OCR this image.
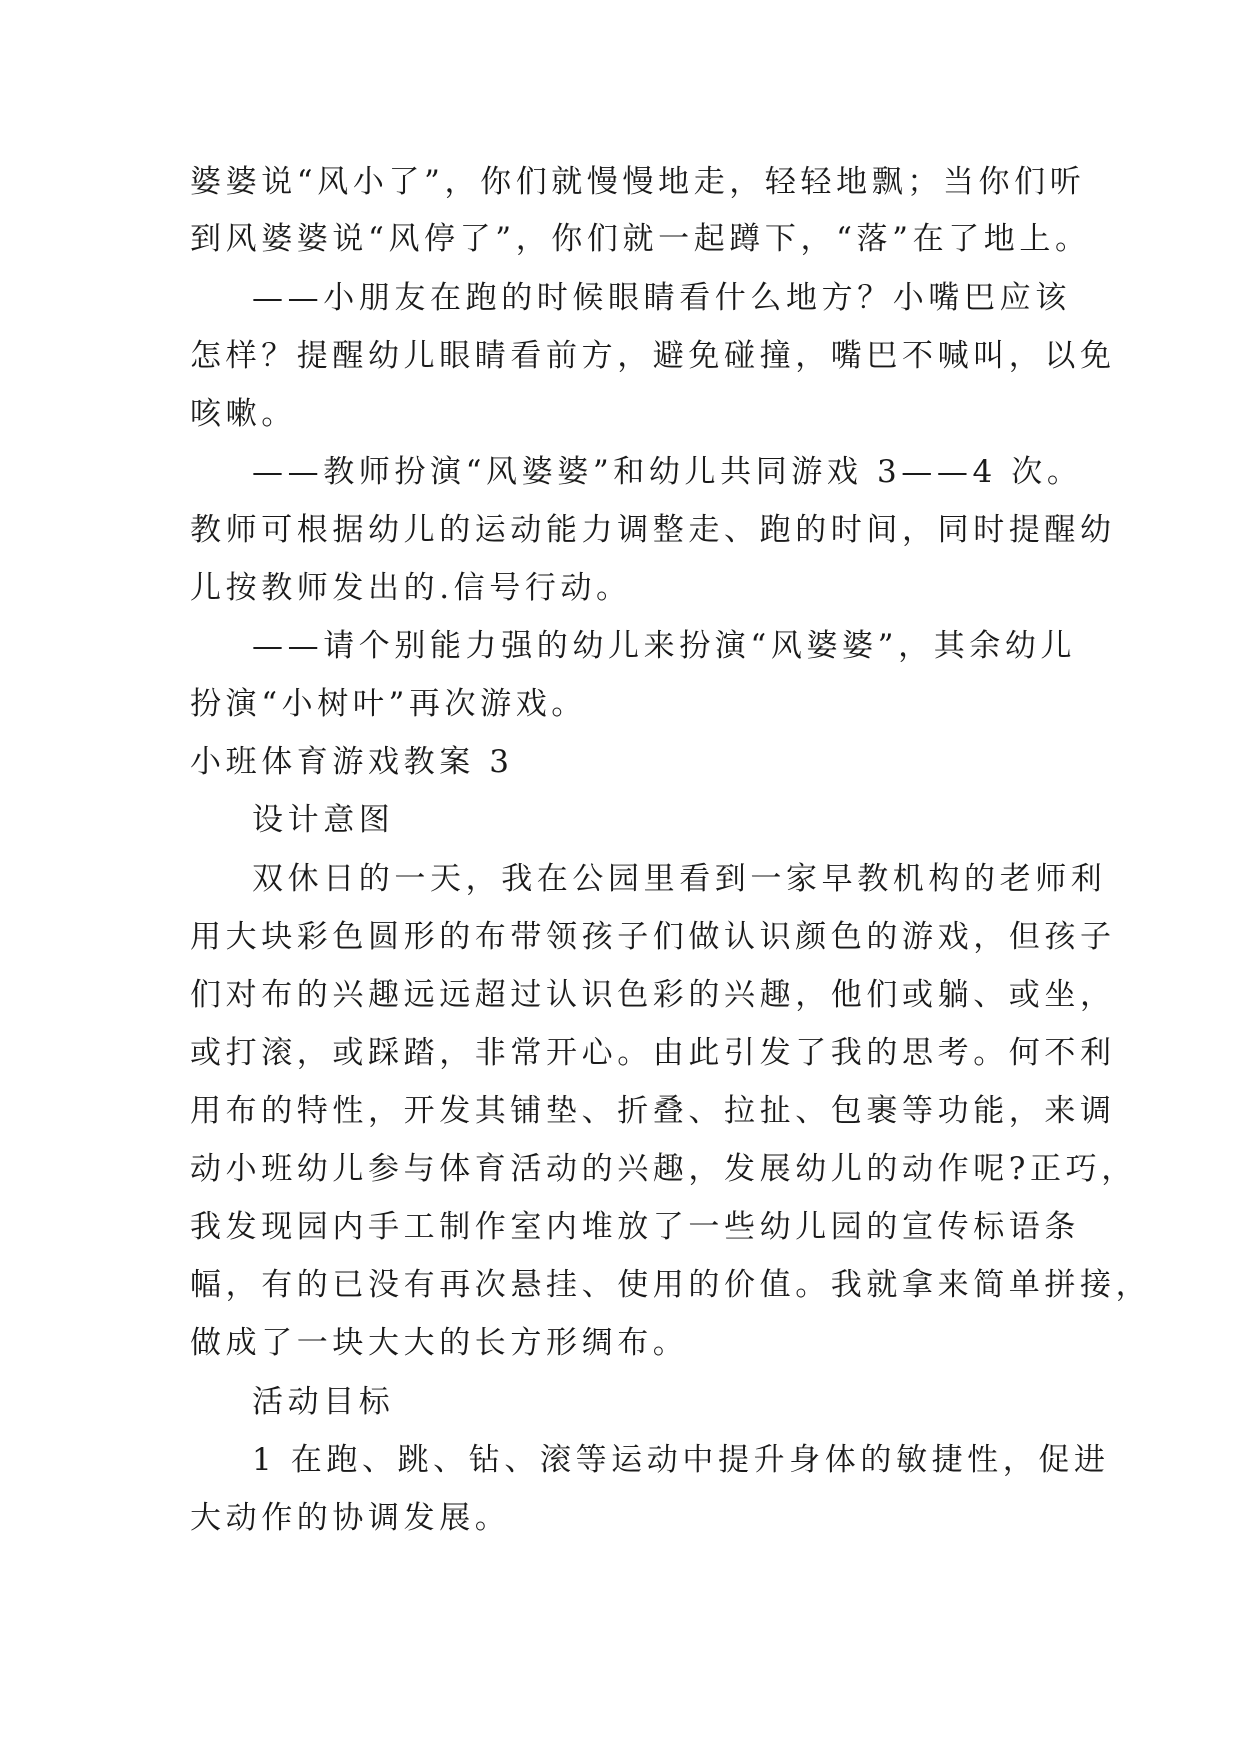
婆婆说“风小了”，你们就慢慢地走，轻轻地飘；当你们听
到风婆婆说“风停了”，你们就一起蹲下，“落”在了地上。
——小朋友在跑的时候眼睛看什么地方？小嘴巴应该
怎样？提醒幼儿眼睛看前方，避免碰撞，嘴巴不喊叫，以免
咳嗽。
——教师扮演“风婆婆”和幼儿共同游戏 3——4 次。
教师可根据幼儿的运动能力调整走、跑的时间，同时提醒幼
儿按教师发出的.信号行动。
——请个别能力强的幼儿来扮演“风婆婆”，其余幼儿
扮演“小树叶”再次游戏。
小班体育游戏教案 3
设计意图
双休日的一天，我在公园里看到一家早教机构的老师利
用大块彩色圆形的布带领孩子们做认识颜色的游戏，但孩子
们对布的兴趣远远超过认识色彩的兴趣，他们或躺、或坐，
或打滚，或踩踏，非常开心。由此引发了我的思考。何不利
用布的特性，开发其铺垫、折叠、拉扯、包裹等功能，来调
动小班幼儿参与体育活动的兴趣，发展幼儿的动作呢?正巧，
我发现园内手工制作室内堆放了一些幼儿园的宣传标语条
幅，有的已没有再次悬挂、使用的价值。我就拿来简单拼接，
做成了一块大大的长方形绸布。
活动目标
1 在跑、跳、钻、滚等运动中提升身体的敏捷性，促进
大动作的协调发展。
